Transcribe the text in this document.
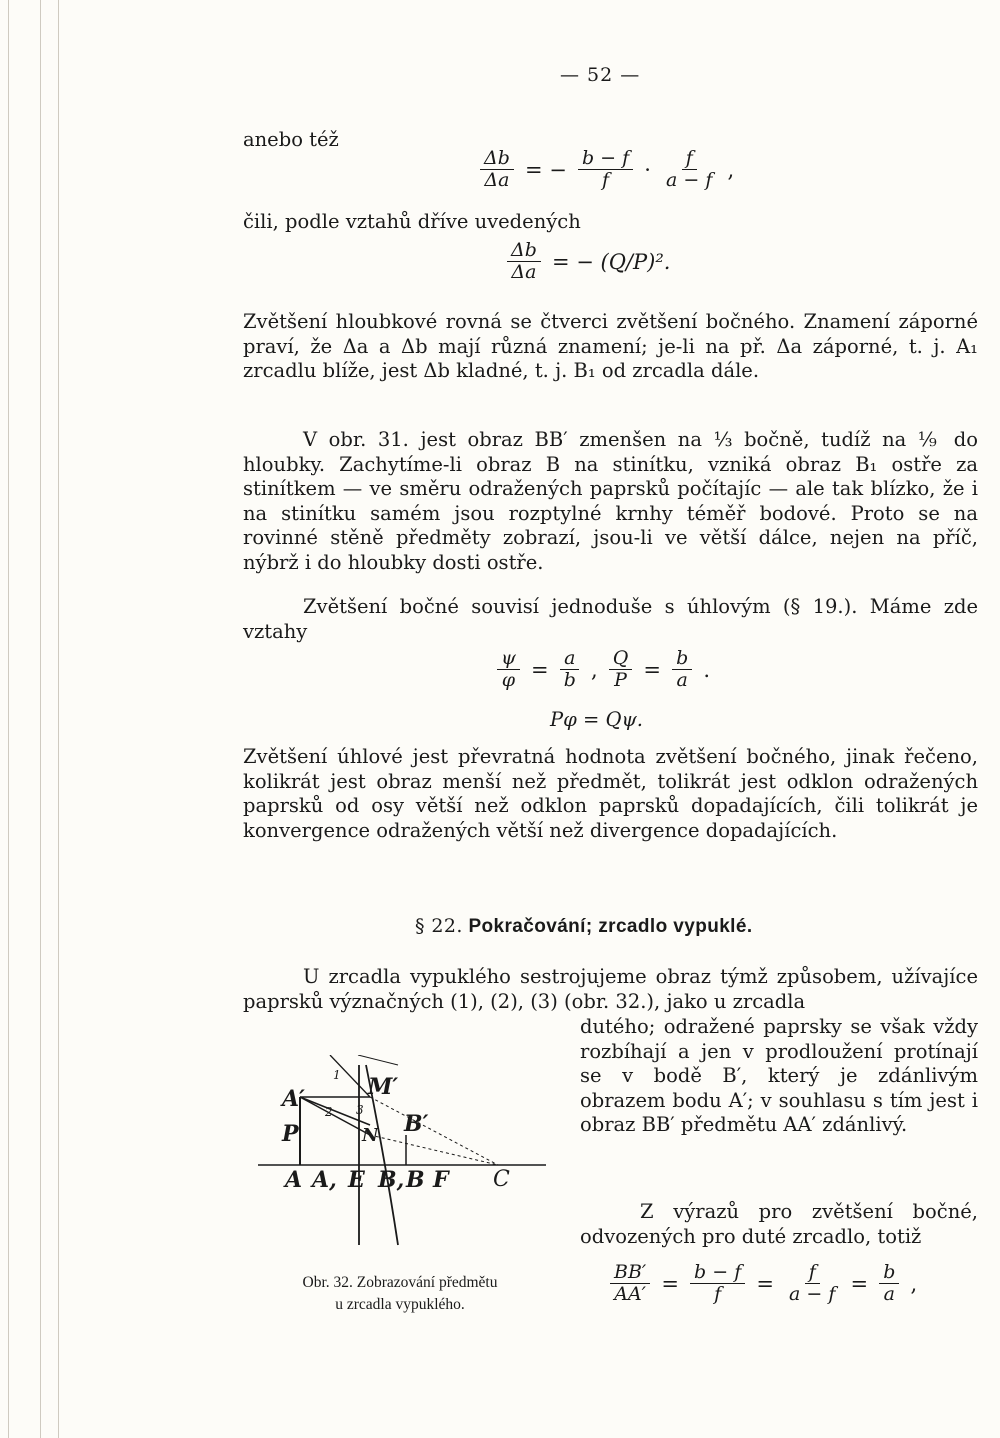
— 52 —
anebo též
$\frac{\Delta b}{\Delta a}$ = − $\frac{b - f}{f} \cdot \frac{f}{a - f}$ ,
čili, podle vztahů dříve uvedených
$\frac{\Delta b}{\Delta a}$ = − (Q/P)².
Zvětšení hloubkové rovná se čtverci zvětšení bočného. Znamení záporné praví, že Δa a Δb mají různá znamení; je-li na př. Δa záporné, t. j. A₁ zrcadlu blíže, jest Δb kladné, t. j. B₁ od zrcadla dále.
V obr. 31. jest obraz BB′ zmenšen na ⅓ bočně, tudíž na ⅑ do hloubky. Zachytíme-li obraz B na stinítku, vzniká obraz B₁ ostře za stinítkem — ve směru odražených paprsků počítajíc — ale tak blízko, že i na stinítku samém jsou rozptylné krnhy téměř bodové. Proto se na rovinné stěně předměty zobrazí, jsou-li ve větší dálce, nejen na příč, nýbrž i do hloubky dosti ostře.
Zvětšení bočné souvisí jednoduše s úhlovým (§ 19.). Máme zde vztahy
$\frac{\psi}{\varphi} = \frac{a}{b}$ , $\frac{Q}{P} = \frac{b}{a}$ .
Pφ = Qψ.
Zvětšení úhlové jest převratná hodnota zvětšení bočného, jinak řečeno, kolikrát jest obraz menší než předmět, tolikrát jest odklon odražených paprsků od osy větší než odklon paprsků dopadajících, čili tolikrát je konvergence odražených větší než divergence dopadajících.
§ 22. Pokračování; zrcadlo vypuklé.
U zrcadla vypuklého sestrojujeme obraz týmž způsobem, užívajíce paprsků význačných (1), (2), (3) (obr. 32.), jako u zrcadla
dutého; odražené paprsky se však vždy rozbíhají a jen v prodloužení protínají se v bodě B′, který je zdánlivým obrazem bodu A′; v souhlasu s tím jest i obraz BB′ předmětu AA′ zdánlivý.
Z výrazů pro zvětšení bočné, odvozených pro duté zrcadlo, totiž
$\frac{BB'}{AA'} = \frac{b - f}{f} = \frac{f}{a - f} = \frac{b}{a}$ ,
A′
P
M′
N B′
A A, E B, B F C
1
2 3
Obr. 32. Zobrazování předmětu
u zrcadla vypuklého.
